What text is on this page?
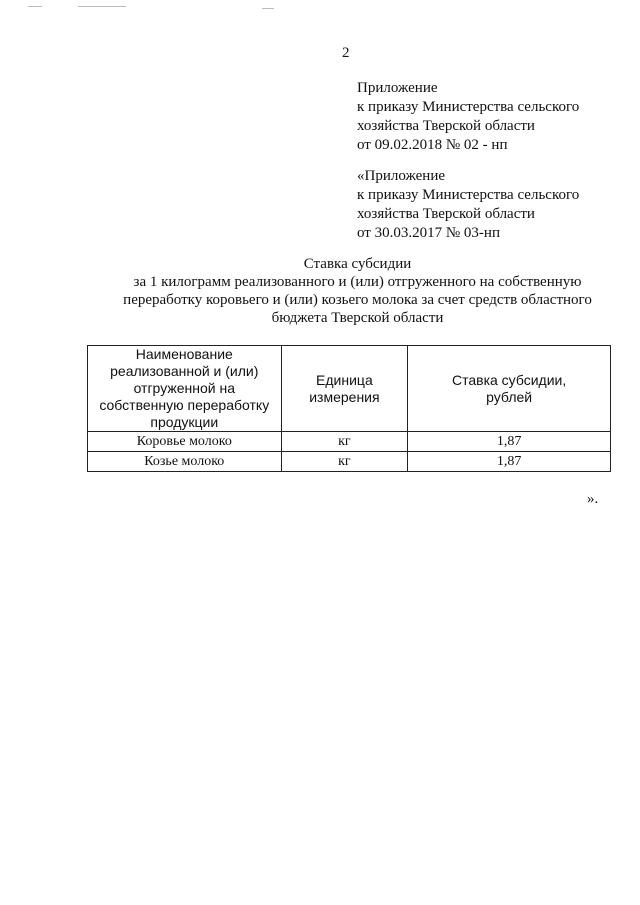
2
Приложение
к приказу Министерства сельского
хозяйства Тверской области
от 09.02.2018 № 02 - нп
«Приложение
к приказу Министерства сельского
хозяйства Тверской области
от 30.03.2017 № 03-нп
Ставка субсидии
за 1 килограмм реализованного и (или) отгруженного на собственную
переработку коровьего и (или) козьего молока за счет средств областного
бюджета Тверской области
Наименование реализованной и (или) отгруженной на собственную переработку продукции	Единица измерения	Ставка субсидии, рублей
Коровье молоко	кг	1,87
Козье молоко	кг	1,87
».
